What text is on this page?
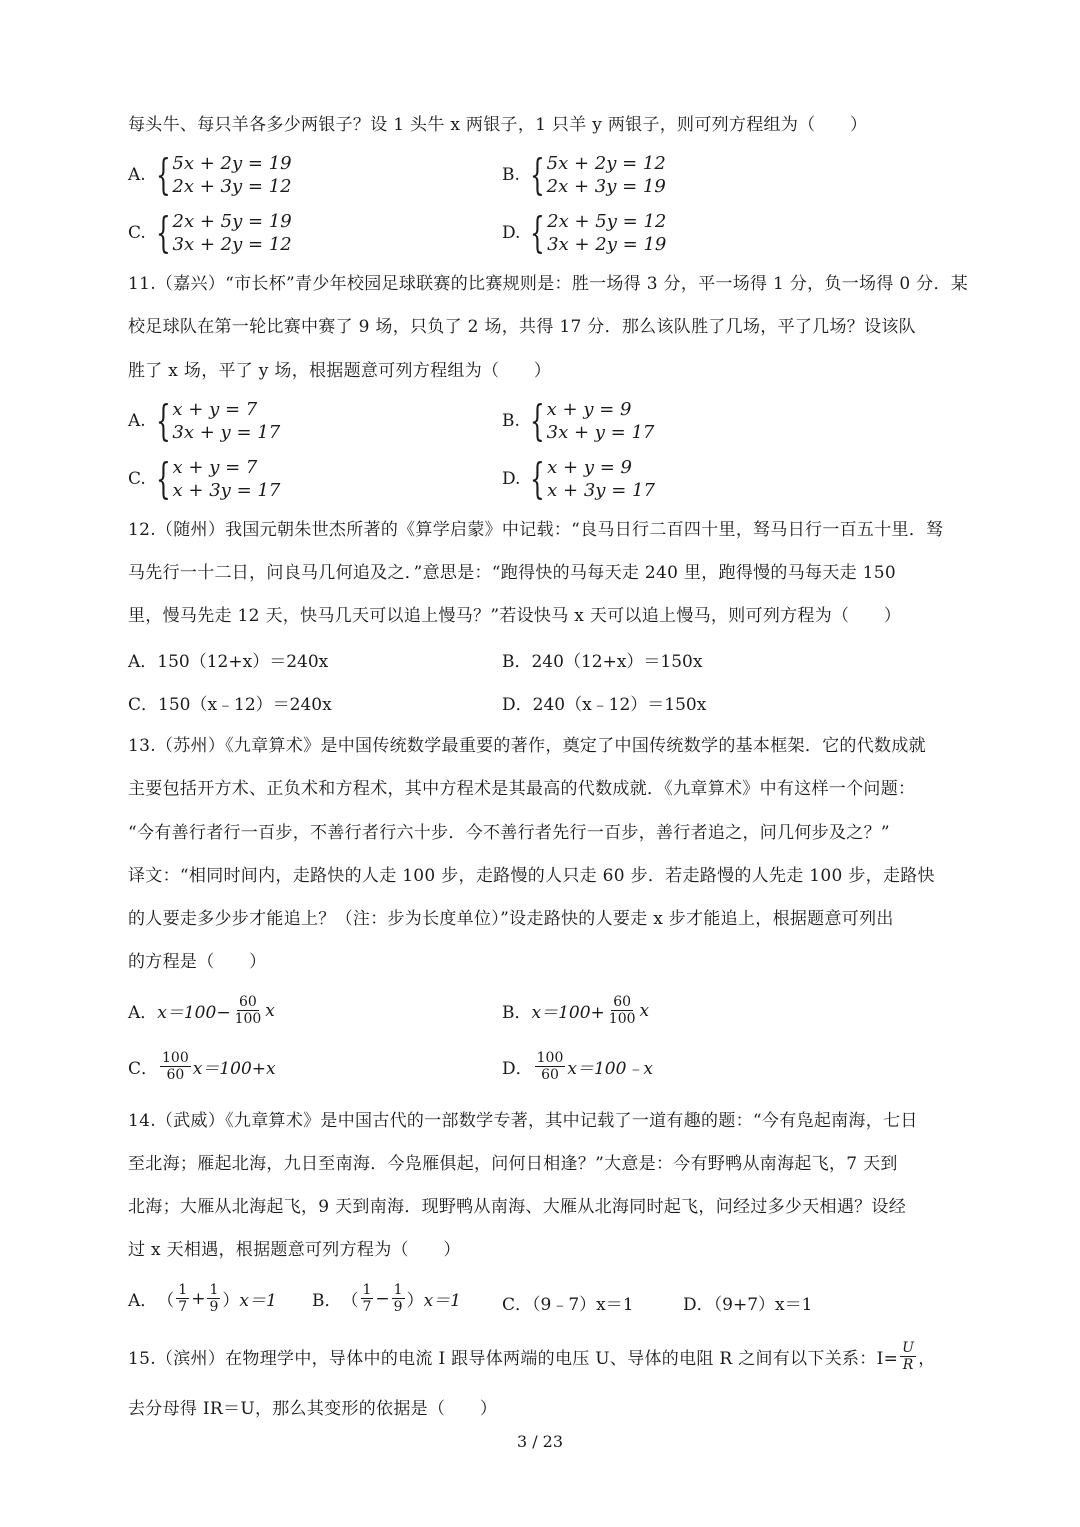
每头牛、每只羊各多少两银子？设 1 头牛 x 两银子，1 只羊 y 两银子，则可列方程组为（　　）
A. { 5x + 2y = 19
2x + 3y = 12
B. { 5x + 2y = 12
2x + 3y = 19
C. { 2x + 5y = 19
3x + 2y = 12
D. { 2x + 5y = 12
3x + 2y = 19
11.（嘉兴）“市长杯”青少年校园足球联赛的比赛规则是：胜一场得 3 分，平一场得 1 分，负一场得 0 分．某
校足球队在第一轮比赛中赛了 9 场，只负了 2 场，共得 17 分．那么该队胜了几场，平了几场？设该队
胜了 x 场，平了 y 场，根据题意可列方程组为（　　）
A. { x + y = 7
3x + y = 17
B. { x + y = 9
3x + y = 17
C. { x + y = 7
x + 3y = 17
D. { x + y = 9
x + 3y = 17
12.（随州）我国元朝朱世杰所著的《算学启蒙》中记载：“良马日行二百四十里，驽马日行一百五十里．驽
马先行一十二日，问良马几何追及之．”意思是：“跑得快的马每天走 240 里，跑得慢的马每天走 150
里，慢马先走 12 天，快马几天可以追上慢马？”若设快马 x 天可以追上慢马，则可列方程为（　　）
A．150（12+x）＝240x	B．240（12+x）＝150x
C．150（x﹣12）＝240x	D．240（x﹣12）＝150x
13.（苏州）《九章算术》是中国传统数学最重要的著作，奠定了中国传统数学的基本框架．它的代数成就
主要包括开方术、正负术和方程术，其中方程术是其最高的代数成就．《九章算术》中有这样一个问题：
“今有善行者行一百步，不善行者行六十步．今不善行者先行一百步，善行者追之，问几何步及之？”
译文：“相同时间内，走路快的人走 100 步，走路慢的人只走 60 步．若走路慢的人先走 100 步，走路快
的人要走多少步才能追上？（注：步为长度单位）”设走路快的人要走 x 步才能追上，根据题意可列出
的方程是（　　）
A． $x=100- \frac{60}{100}$ x	B． $x=100+ \frac{60}{100}$ x
C． $\frac{100}{60} x=100+x$	D． $\frac{100}{60}$ x＝100﹣x
14.（武威）《九章算术》是中国古代的一部数学专著，其中记载了一道有趣的题：“今有凫起南海，七日
至北海；雁起北海，九日至南海．今凫雁俱起，问何日相逢？”大意是：今有野鸭从南海起飞，7 天到
北海；大雁从北海起飞，9 天到南海．现野鸭从南海、大雁从北海同时起飞，问经过多少天相遇？设经
过 x 天相遇，根据题意可列方程为（　　）
A． （ $\frac{1}{7} + \frac{1}{9}$ ） x＝1 B． （ $\frac{1}{7} - \frac{1}{9}$ ） x＝1 C．（9﹣7）x＝1	D．（9+7）x＝1
15.（滨州）在物理学中，导体中的电流 I 跟导体两端的电压 U、导体的电阻 R 之间有以下关系：$I= \frac{U}{R}$ ，
去分母得 IR＝U，那么其变形的依据是（　　）
3 / 23
